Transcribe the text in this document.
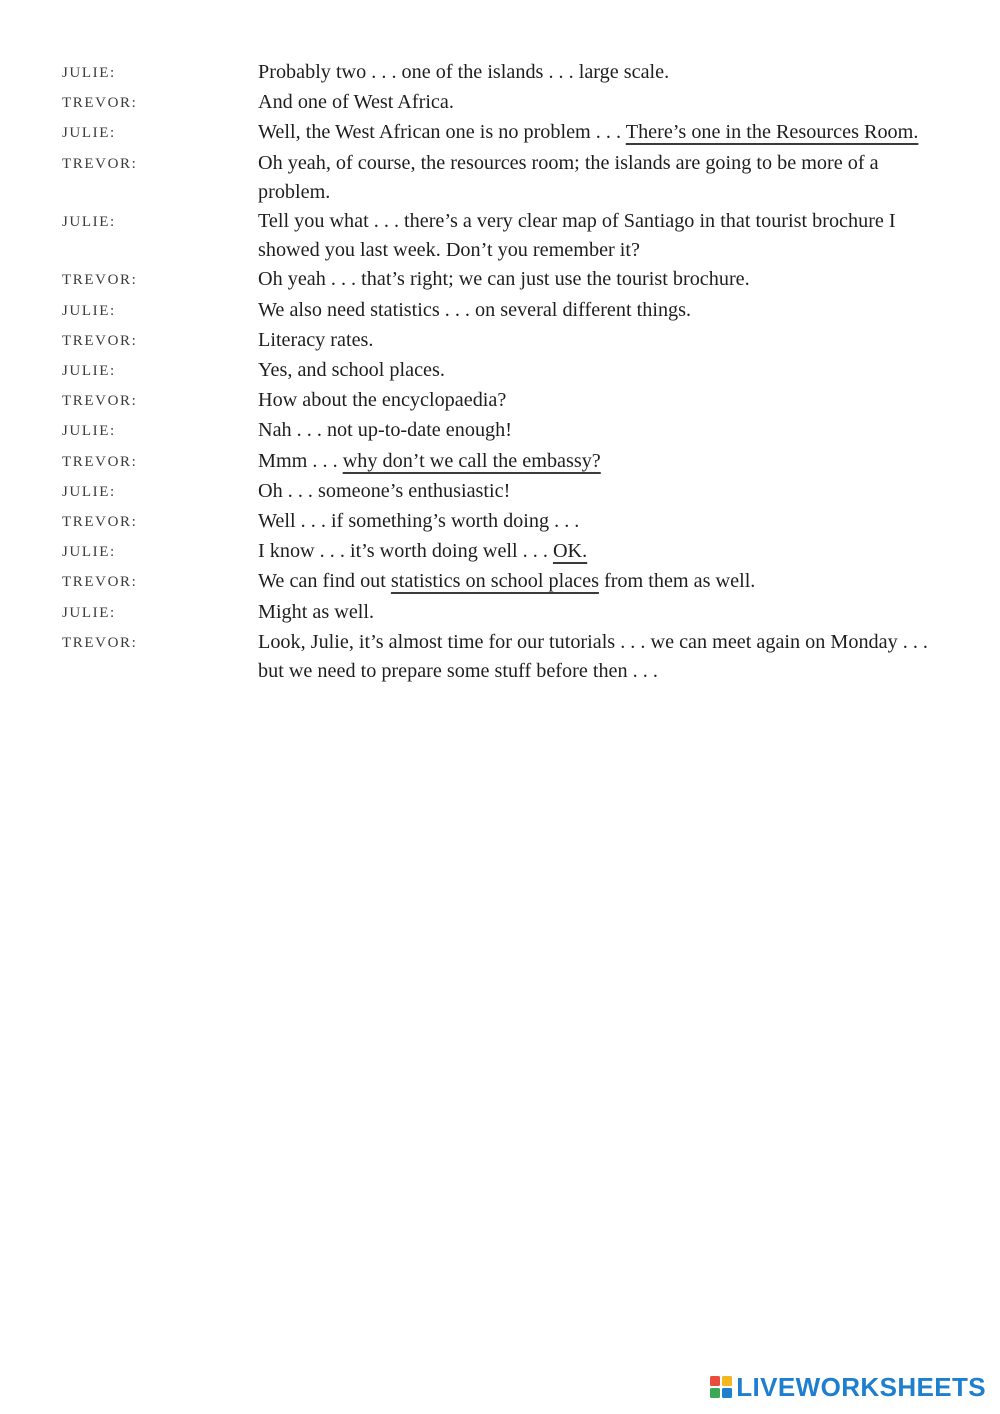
JULIE:	Probably two . . . one of the islands . . . large scale.
TREVOR:	And one of West Africa.
JULIE:	Well, the West African one is no problem . . . There’s one in the Resources Room.
TREVOR:	Oh yeah, of course, the resources room; the islands are going to be more of a problem.
JULIE:	Tell you what . . . there’s a very clear map of Santiago in that tourist brochure I showed you last week. Don’t you remember it?
TREVOR:	Oh yeah . . . that’s right; we can just use the tourist brochure.
JULIE:	We also need statistics . . . on several different things.
TREVOR:	Literacy rates.
JULIE:	Yes, and school places.
TREVOR:	How about the encyclopaedia?
JULIE:	Nah . . . not up-to-date enough!
TREVOR:	Mmm . . . why don’t we call the embassy?
JULIE:	Oh . . . someone’s enthusiastic!
TREVOR:	Well . . . if something’s worth doing . . .
JULIE:	I know . . . it’s worth doing well . . . OK.
TREVOR:	We can find out statistics on school places from them as well.
JULIE:	Might as well.
TREVOR:	Look, Julie, it’s almost time for our tutorials . . . we can meet again on Monday . . . but we need to prepare some stuff before then . . .
LIVEWORKSHEETS
